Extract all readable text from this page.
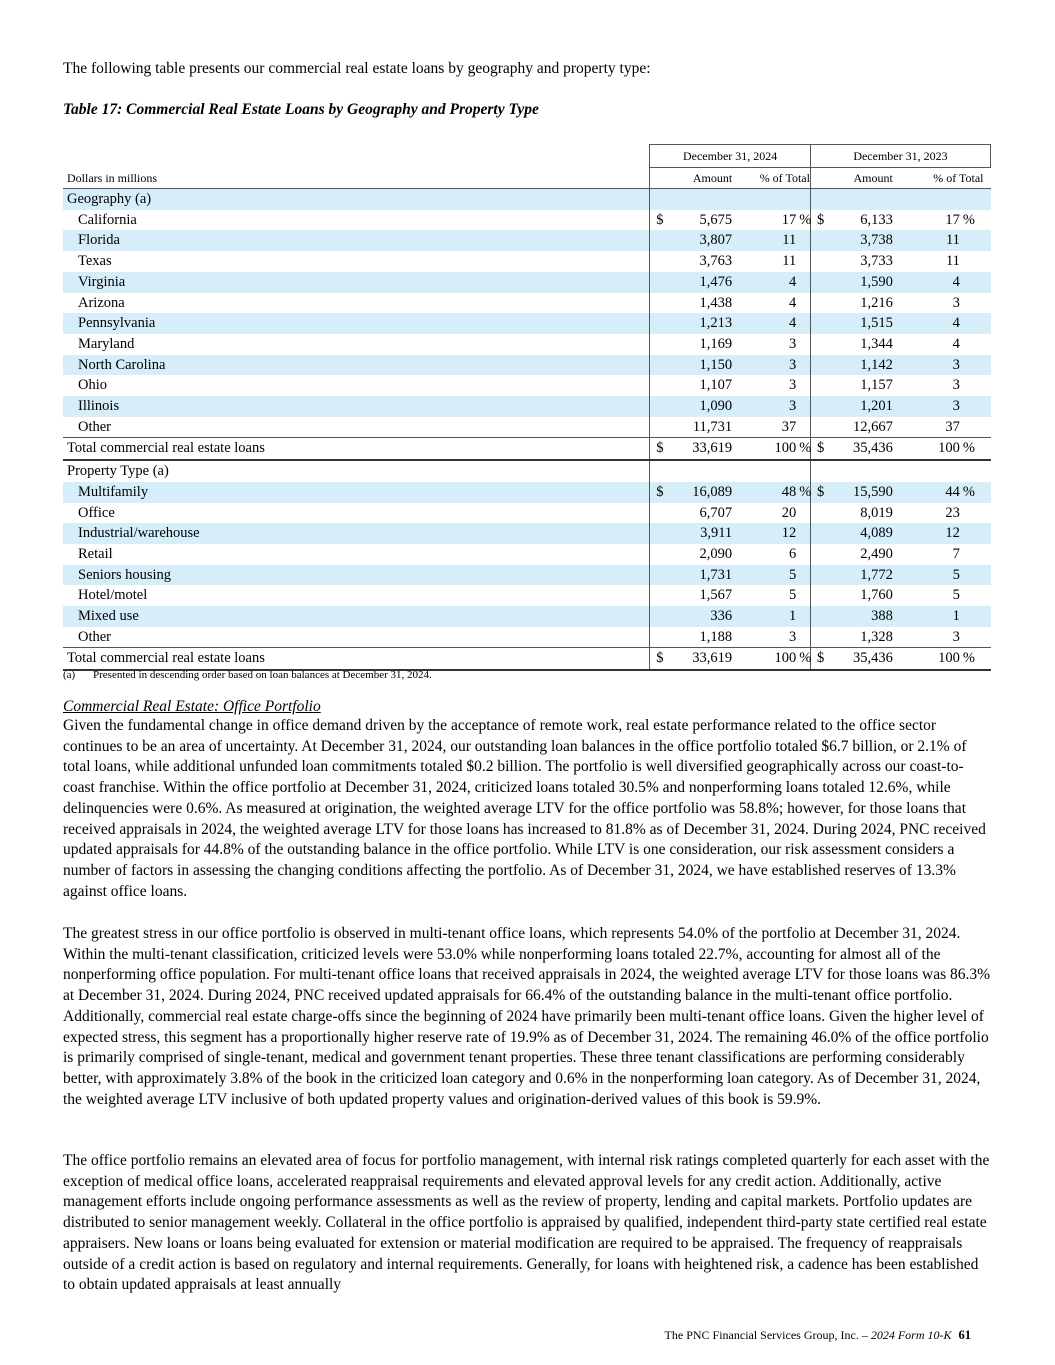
The following table presents our commercial real estate loans by geography and property type:

Table 17: Commercial Real Estate Loans by Geography and Property Type

	December 31, 2024				December 31, 2023			
Dollars in millions		Amount	% of Total			Amount	% of Total	
Geography (a)								
California	$	5,675	17	%	$	6,133	17	%
Florida		3,807	11			3,738	11	
Texas		3,763	11			3,733	11	
Virginia		1,476	4			1,590	4	
Arizona		1,438	4			1,216	3	
Pennsylvania		1,213	4			1,515	4	
Maryland		1,169	3			1,344	4	
North Carolina		1,150	3			1,142	3	
Ohio		1,107	3			1,157	3	
Illinois		1,090	3			1,201	3	
Other		11,731	37			12,667	37	
Total commercial real estate loans	$	33,619	100	%	$	35,436	100	%
Property Type (a)								
Multifamily	$	16,089	48	%	$	15,590	44	%
Office		6,707	20			8,019	23	
Industrial/warehouse		3,911	12			4,089	12	
Retail		2,090	6			2,490	7	
Seniors housing		1,731	5			1,772	5	
Hotel/motel		1,567	5			1,760	5	
Mixed use		336	1			388	1	
Other		1,188	3			1,328	3	
Total commercial real estate loans	$	33,619	100	%	$	35,436	100	%

(a) Presented in descending order based on loan balances at December 31, 2024.

Commercial Real Estate: Office Portfolio

Given the fundamental change in office demand driven by the acceptance of remote work, real estate performance related to the office sector continues to be an area of uncertainty. At December 31, 2024, our outstanding loan balances in the office portfolio totaled $6.7 billion, or 2.1% of total loans, while additional unfunded loan commitments totaled $0.2 billion. The portfolio is well diversified geographically across our coast-to-coast franchise. Within the office portfolio at December 31, 2024, criticized loans totaled 30.5% and nonperforming loans totaled 12.6%, while delinquencies were 0.6%. As measured at origination, the weighted average LTV for the office portfolio was 58.8%; however, for those loans that received appraisals in 2024, the weighted average LTV for those loans has increased to 81.8% as of December 31, 2024. During 2024, PNC received updated appraisals for 44.8% of the outstanding balance in the office portfolio. While LTV is one consideration, our risk assessment considers a number of factors in assessing the changing conditions affecting the portfolio. As of December 31, 2024, we have established reserves of 13.3% against office loans.

The greatest stress in our office portfolio is observed in multi-tenant office loans, which represents 54.0% of the portfolio at December 31, 2024. Within the multi-tenant classification, criticized levels were 53.0% while nonperforming loans totaled 22.7%, accounting for almost all of the nonperforming office population. For multi-tenant office loans that received appraisals in 2024, the weighted average LTV for those loans was 86.3% at December 31, 2024. During 2024, PNC received updated appraisals for 66.4% of the outstanding balance in the multi-tenant office portfolio. Additionally, commercial real estate charge-offs since the beginning of 2024 have primarily been multi-tenant office loans. Given the higher level of expected stress, this segment has a proportionally higher reserve rate of 19.9% as of December 31, 2024. The remaining 46.0% of the office portfolio is primarily comprised of single-tenant, medical and government tenant properties. These three tenant classifications are performing considerably better, with approximately 3.8% of the book in the criticized loan category and 0.6% in the nonperforming loan category. As of December 31, 2024, the weighted average LTV inclusive of both updated property values and origination-derived values of this book is 59.9%.

The office portfolio remains an elevated area of focus for portfolio management, with internal risk ratings completed quarterly for each asset with the exception of medical office loans, accelerated reappraisal requirements and elevated approval levels for any credit action. Additionally, active management efforts include ongoing performance assessments as well as the review of property, lending and capital markets. Portfolio updates are distributed to senior management weekly. Collateral in the office portfolio is appraised by qualified, independent third-party state certified real estate appraisers. New loans or loans being evaluated for extension or material modification are required to be appraised. The frequency of reappraisals outside of a credit action is based on regulatory and internal requirements. Generally, for loans with heightened risk, a cadence has been established to obtain updated appraisals at least annually

The PNC Financial Services Group, Inc. – 2024 Form 10-K 61
